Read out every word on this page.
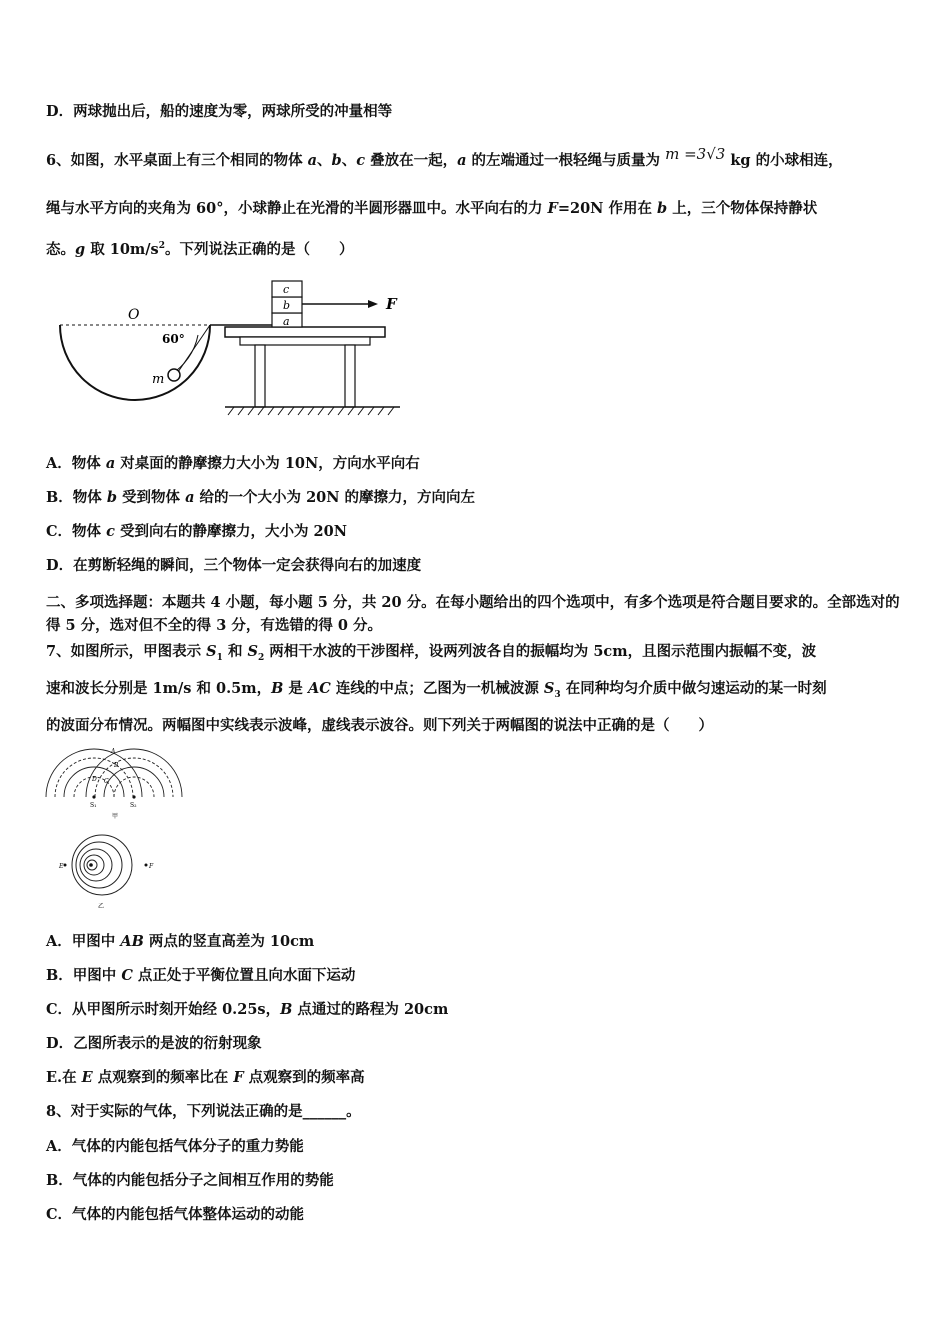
D．两球抛出后，船的速度为零，两球所受的冲量相等
6、如图，水平桌面上有三个相同的物体 a、b、c 叠放在一起，a 的左端通过一根轻绳与质量为 m =3√3 kg 的小球相连，
绳与水平方向的夹角为 60°，小球静止在光滑的半圆形器皿中。水平向右的力 F=20N 作用在 b 上，三个物体保持静状
态。g 取 $10m/s^2$。下列说法正确的是（　　）
O
60°
m
c
b
a
F
A．物体 a 对桌面的静摩擦力大小为 10N，方向水平向右
B．物体 b 受到物体 a 给的一个大小为 20N 的摩擦力，方向向左
C．物体 c 受到向右的静摩擦力，大小为 20N
D．在剪断轻绳的瞬间，三个物体一定会获得向右的加速度
二、多项选择题：本题共 4 小题，每小题 5 分，共 20 分。在每小题给出的四个选项中，有多个选项是符合题目要求的。全部选对的得 5 分，选对但不全的得 3 分，有选错的得 0 分。
7、如图所示，甲图表示 $S_1$ 和 $S_2$ 两相干水波的干涉图样，设两列波各自的振幅均为 5cm，且图示范围内振幅不变，波
速和波长分别是 1m/s 和 0.5m，B 是 AC 连线的中点；乙图为一机械波源 $S_3$ 在同种均匀介质中做匀速运动的某一时刻
的波面分布情况。两幅图中实线表示波峰，虚线表示波谷。则下列关于两幅图的说法中正确的是（　　）
A
B
C
D
S₁	S₂
甲
E	F
乙
A．甲图中 AB 两点的竖直高差为 10cm
B．甲图中 C 点正处于平衡位置且向水面下运动
C．从甲图所示时刻开始经 0.25s，B 点通过的路程为 20cm
D．乙图所表示的是波的衍射现象
E.在 E 点观察到的频率比在 F 点观察到的频率高
8、对于实际的气体，下列说法正确的是______。
A．气体的内能包括气体分子的重力势能
B．气体的内能包括分子之间相互作用的势能
C．气体的内能包括气体整体运动的动能
